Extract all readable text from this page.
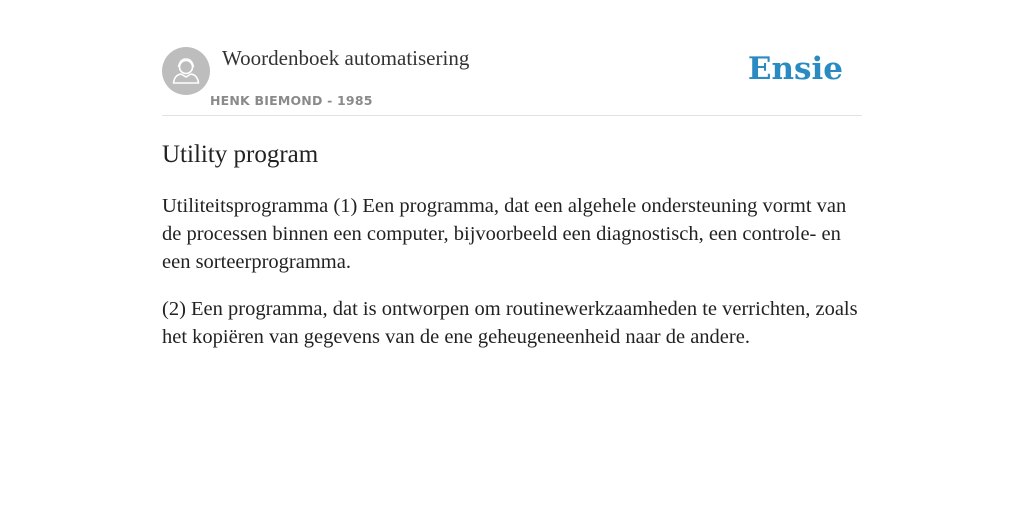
Woordenboek automatisering
HENK BIEMOND - 1985
Ensie
Utility program

Utiliteitsprogramma (1) Een programma, dat een algehele ondersteuning vormt van de processen binnen een computer, bijvoorbeeld een diagnostisch, een controle- en een sorteerprogramma.

(2) Een programma, dat is ontworpen om routinewerkzaamheden te verrichten, zoals het kopiëren van gegevens van de ene geheugeneenheid naar de andere.
